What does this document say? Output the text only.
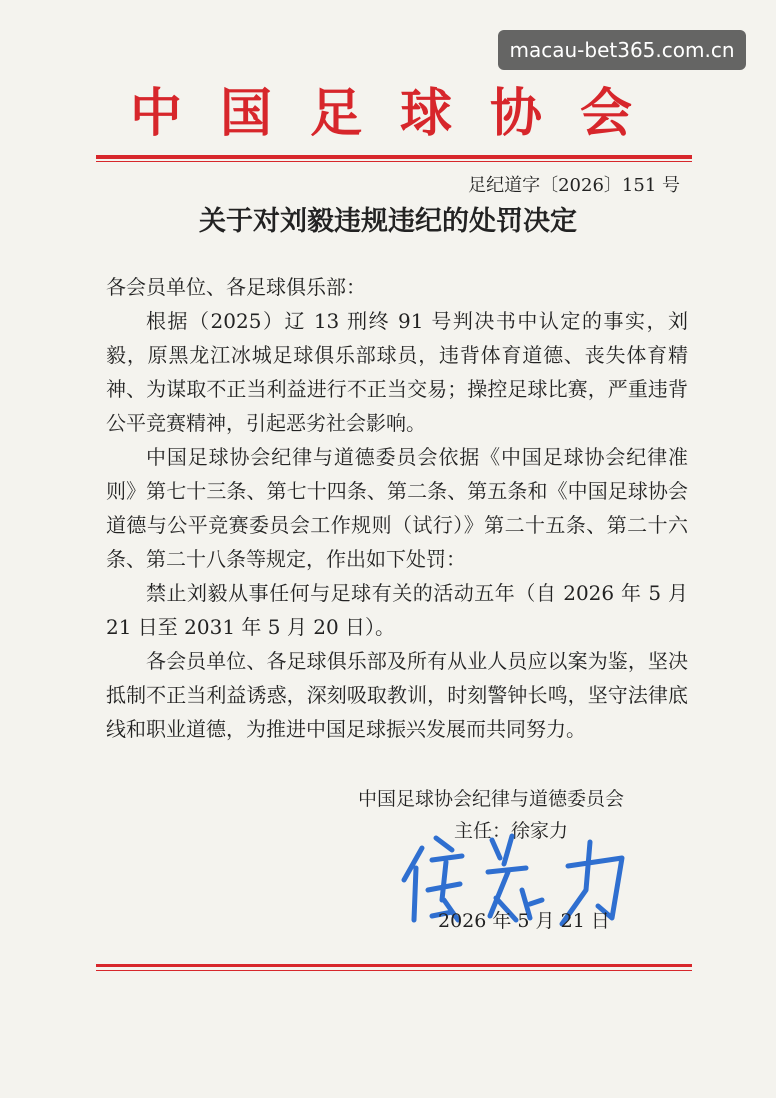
macau-bet365.com.cn
中国足球协会
足纪道字〔2026〕151 号
关于对刘毅违规违纪的处罚决定
各会员单位、各足球俱乐部：

根据（2025）辽 13 刑终 91 号判决书中认定的事实，刘毅，原黑龙江冰城足球俱乐部球员，违背体育道德、丧失体育精神、为谋取不正当利益进行不正当交易；操控足球比赛，严重违背公平竞赛精神，引起恶劣社会影响。

中国足球协会纪律与道德委员会依据《中国足球协会纪律准则》第七十三条、第七十四条、第二条、第五条和《中国足球协会道德与公平竞赛委员会工作规则（试行）》第二十五条、第二十六条、第二十八条等规定，作出如下处罚：

禁止刘毅从事任何与足球有关的活动五年（自 2026 年 5 月 21 日至 2031 年 5 月 20 日）。

各会员单位、各足球俱乐部及所有从业人员应以案为鉴，坚决抵制不正当利益诱惑，深刻吸取教训，时刻警钟长鸣，坚守法律底线和职业道德，为推进中国足球振兴发展而共同努力。

中国足球协会纪律与道德委员会
主任：徐家力
2026 年 5 月 21 日
